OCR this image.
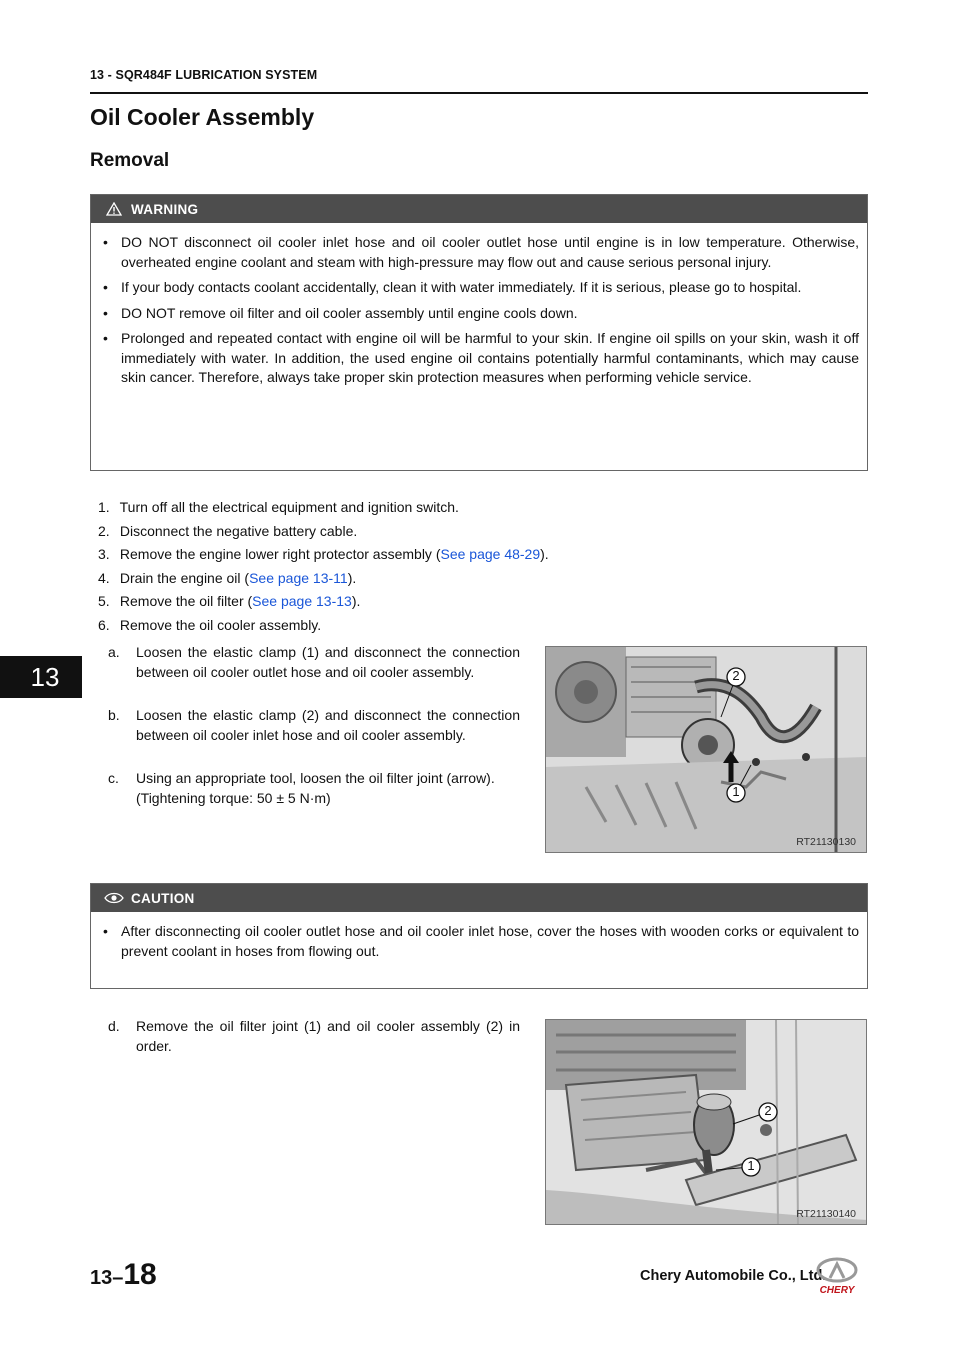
13 - SQR484F LUBRICATION SYSTEM
Oil Cooler Assembly
Removal
13
WARNING
• DO NOT disconnect oil cooler inlet hose and oil cooler outlet hose until engine is in low temperature. Otherwise, overheated engine coolant and steam with high-pressure may flow out and cause serious personal injury.
• If your body contacts coolant accidentally, clean it with water immediately. If it is serious, please go to hospital.
• DO NOT remove oil filter and oil cooler assembly until engine cools down.
• Prolonged and repeated contact with engine oil will be harmful to your skin. If engine oil spills on your skin, wash it off immediately with water. In addition, the used engine oil contains potentially harmful contaminants, which may cause skin cancer. Therefore, always take proper skin protection measures when performing vehicle service.
1. Turn off all the electrical equipment and ignition switch.
2. Disconnect the negative battery cable.
3. Remove the engine lower right protector assembly (See page 48-29).
4. Drain the engine oil (See page 13-11).
5. Remove the oil filter (See page 13-13).
6. Remove the oil cooler assembly.
a.	Loosen the elastic clamp (1) and disconnect the connection between oil cooler outlet hose and oil cooler assembly.
b.	Loosen the elastic clamp (2) and disconnect the connection between oil cooler inlet hose and oil cooler assembly.
c.	Using an appropriate tool, loosen the oil filter joint (arrow).
(Tightening torque: 50 ± 5 N·m)
2
1
RT21130130
CAUTION
• After disconnecting oil cooler outlet hose and oil cooler inlet hose, cover the hoses with wooden corks or equivalent to prevent coolant in hoses from flowing out.
d.	Remove the oil filter joint (1) and oil cooler assembly (2) in order.
2
1
RT21130140
13–18	Chery Automobile Co., Ltd.
CHERY
